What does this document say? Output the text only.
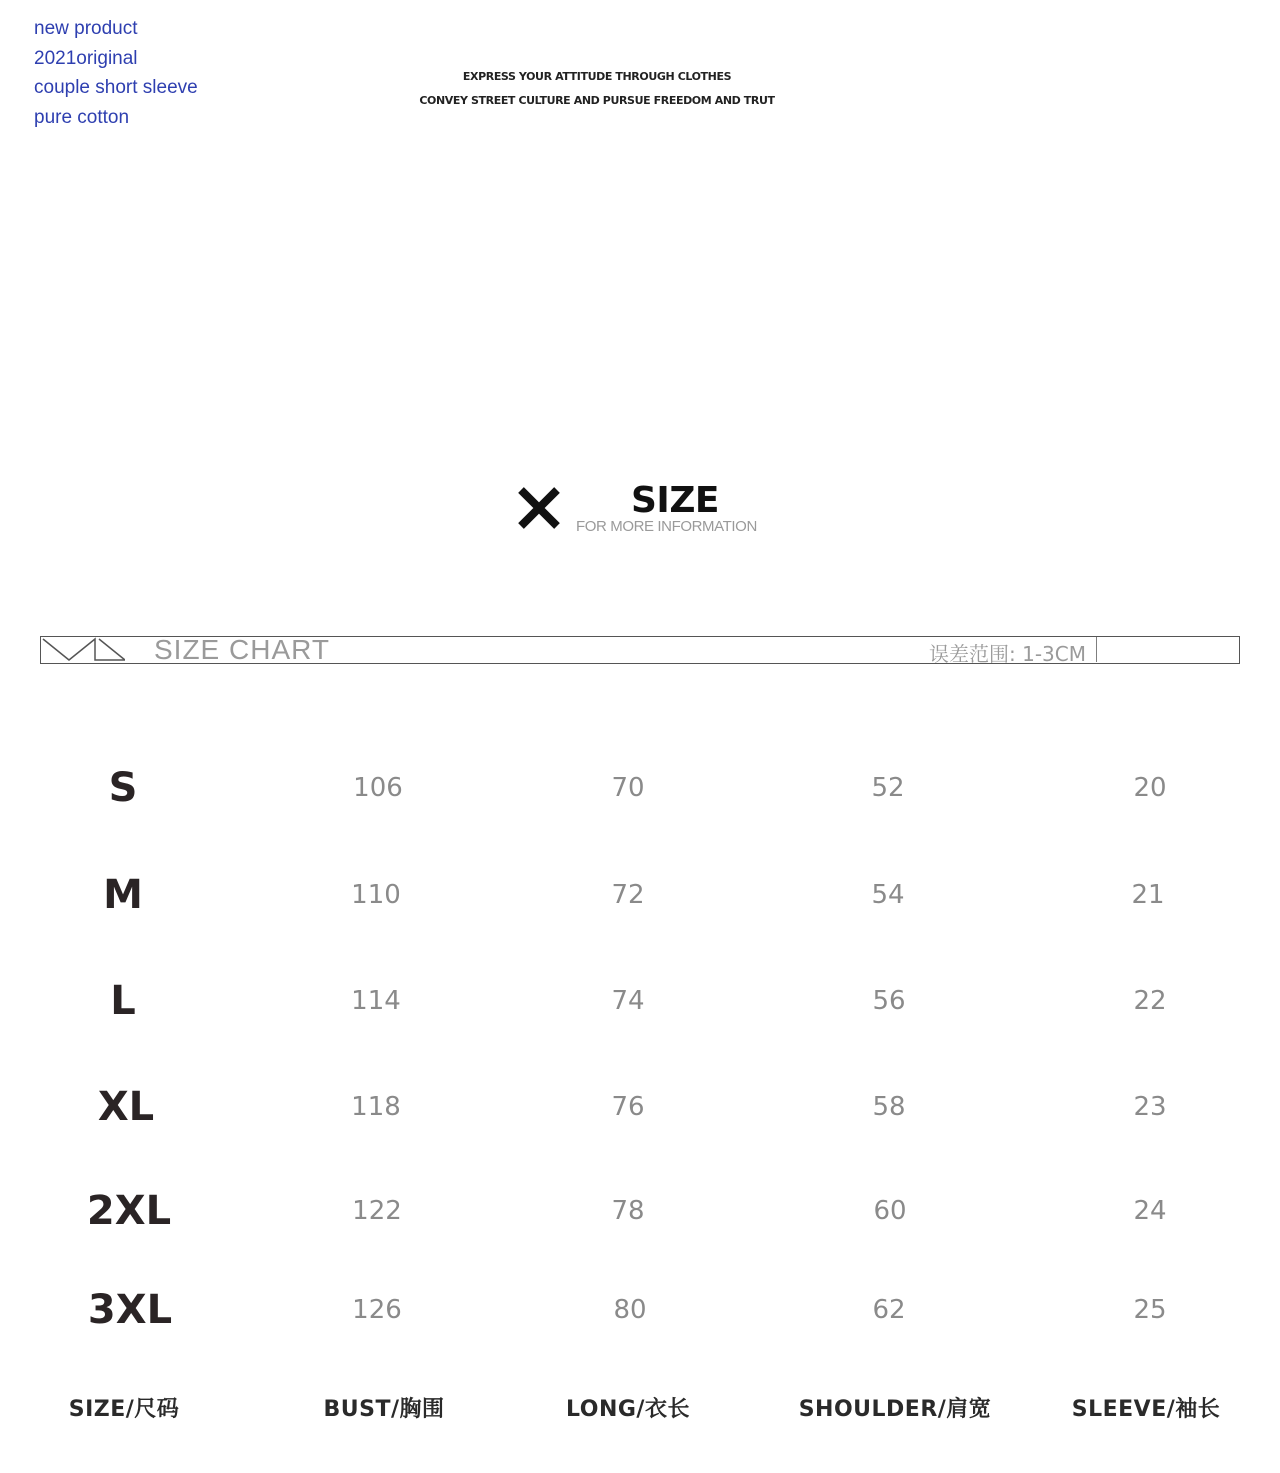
new product
2021original
couple short sleeve
pure cotton
EXPRESS YOUR ATTITUDE THROUGH CLOTHES
CONVEY STREET CULTURE AND PURSUE FREEDOM AND TRUT
SIZE
FOR MORE INFORMATION
SIZE CHART	误差范围: 1-3CM
S	106	70	52	20
M	110	72	54	21
L	114	74	56	22
XL	118	76	58	23
2XL	122	78	60	24
3XL	126	80	62	25
SIZE/尺码	BUST/胸围	LONG/衣长	SHOULDER/肩宽	SLEEVE/袖长
